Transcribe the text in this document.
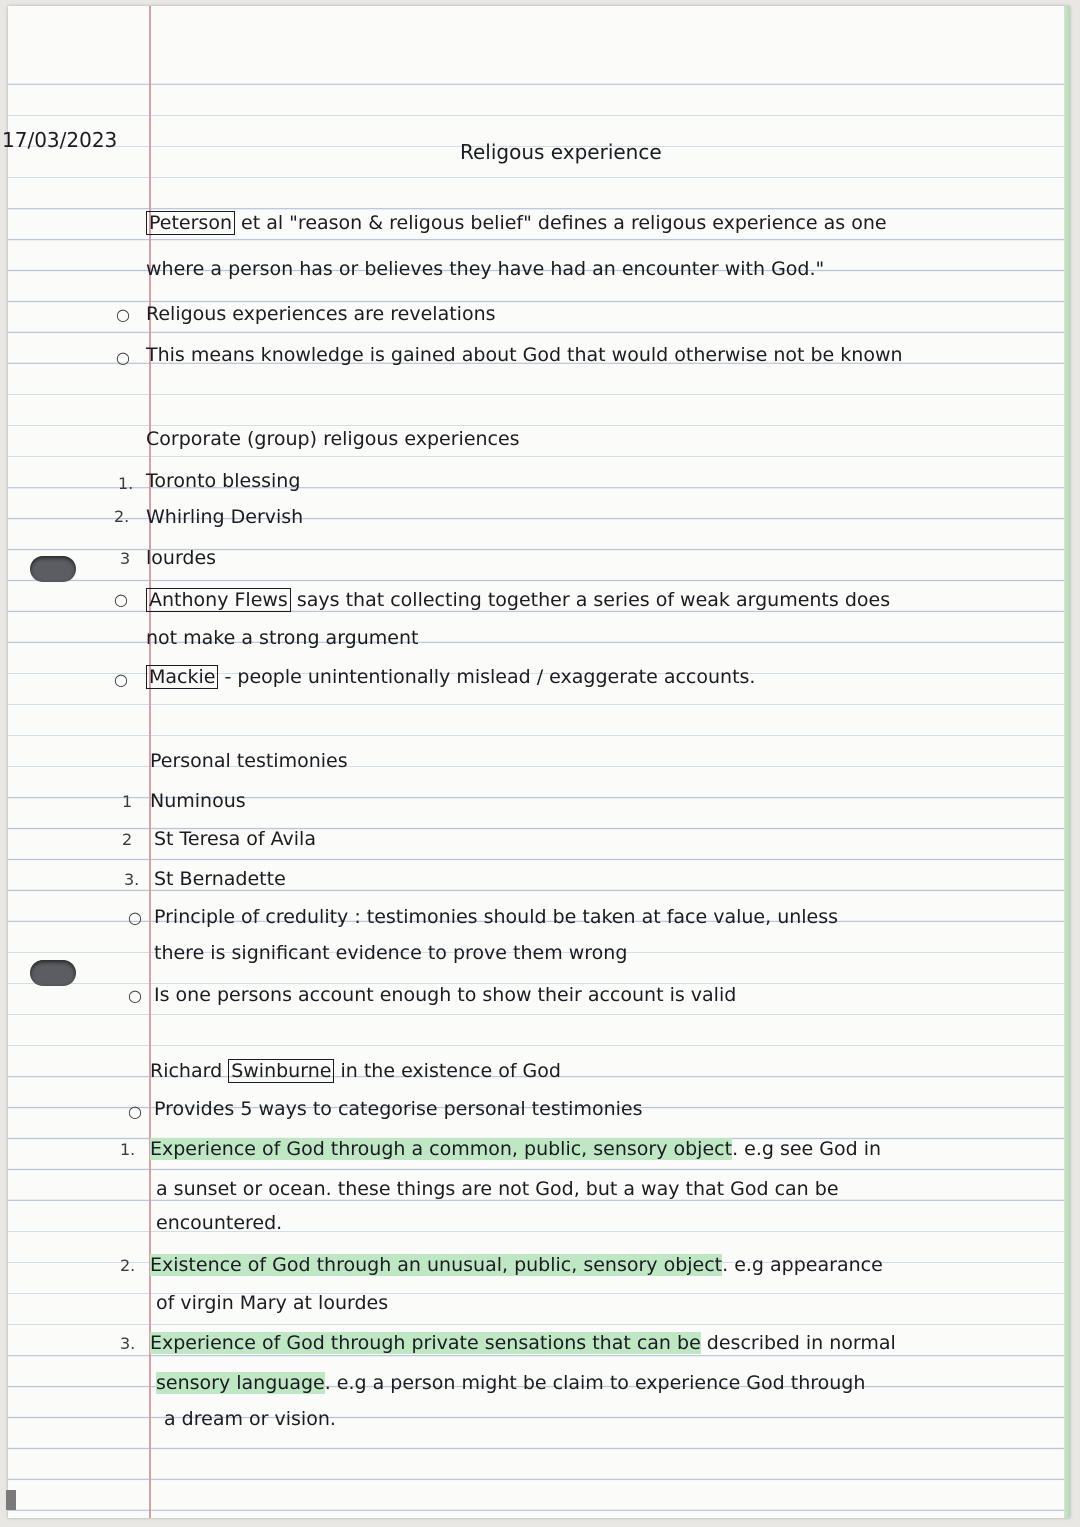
17/03/2023	Religous experience

Peterson et al "reason & religous belief" defines a religous experience as one

where a person has or believes they have had an encounter with God."

○ Religous experiences are revelations

○ This means knowledge is gained about God that would otherwise not be known

Corporate (group) religous experiences

1. Toronto blessing

2. Whirling Dervish

3 lourdes

○ Anthony Flews says that collecting together a series of weak arguments does

not make a strong argument

○ Mackie - people unintentionally mislead / exaggerate accounts.

Personal testimonies

1 Numinous

2 St Teresa of Avila

3. St Bernadette

○ Principle of credulity : testimonies should be taken at face value, unless

there is significant evidence to prove them wrong

○ Is one persons account enough to show their account is valid

Richard Swinburne in the existence of God

○ Provides 5 ways to categorise personal testimonies

1. Experience of God through a common, public, sensory object. e.g see God in

a sunset or ocean. these things are not God, but a way that God can be

encountered.

2. Existence of God through an unusual, public, sensory object. e.g appearance

of virgin Mary at lourdes

3. Experience of God through private sensations that can be described in normal

sensory language. e.g a person might be claim to experience God through

a dream or vision.
